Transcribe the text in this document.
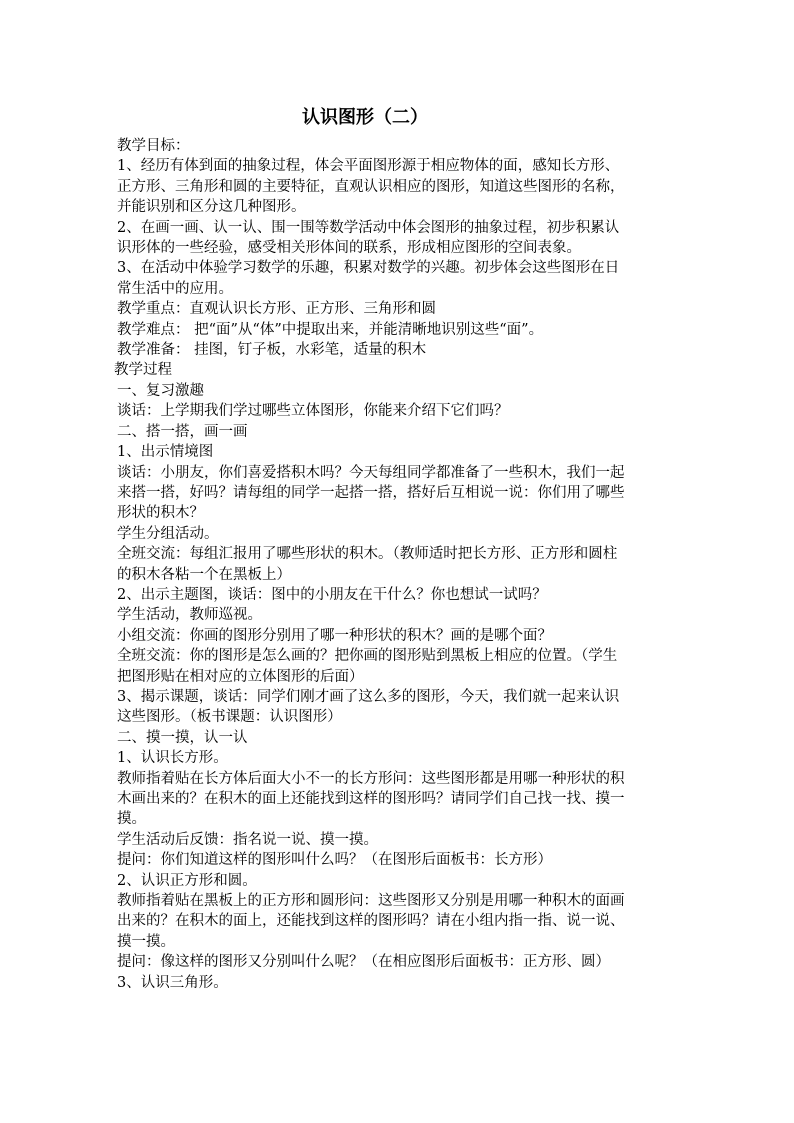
认识图形（二）
教学目标：
1、经历有体到面的抽象过程，体会平面图形源于相应物体的面，感知长方形、
正方形、三角形和圆的主要特征，直观认识相应的图形，知道这些图形的名称，
并能识别和区分这几种图形。
2、在画一画、认一认、围一围等数学活动中体会图形的抽象过程，初步积累认
识形体的一些经验，感受相关形体间的联系，形成相应图形的空间表象。
3、在活动中体验学习数学的乐趣，积累对数学的兴趣。初步体会这些图形在日
常生活中的应用。
教学重点：直观认识长方形、正方形、三角形和圆
教学难点： 把“面”从“体”中提取出来，并能清晰地识别这些“面”。
教学准备： 挂图，钉子板，水彩笔，适量的积木
教学过程
一、复习激趣
谈话：上学期我们学过哪些立体图形，你能来介绍下它们吗？
二、搭一搭，画一画
1、出示情境图
谈话：小朋友，你们喜爱搭积木吗？今天每组同学都准备了一些积木，我们一起
来搭一搭，好吗？请每组的同学一起搭一搭，搭好后互相说一说：你们用了哪些
形状的积木？
学生分组活动。
全班交流：每组汇报用了哪些形状的积木。（教师适时把长方形、正方形和圆柱
的积木各粘一个在黑板上）
2、出示主题图，谈话：图中的小朋友在干什么？你也想试一试吗？
学生活动，教师巡视。
小组交流：你画的图形分别用了哪一种形状的积木？画的是哪个面？
全班交流：你的图形是怎么画的？把你画的图形贴到黑板上相应的位置。（学生
把图形贴在相对应的立体图形的后面）
3、揭示课题，谈话：同学们刚才画了这么多的图形，今天，我们就一起来认识
这些图形。（板书课题：认识图形）
二、摸一摸，认一认
1、认识长方形。
教师指着贴在长方体后面大小不一的长方形问：这些图形都是用哪一种形状的积
木画出来的？在积木的面上还能找到这样的图形吗？请同学们自己找一找、摸一
摸。
学生活动后反馈：指名说一说、摸一摸。
提问：你们知道这样的图形叫什么吗？（在图形后面板书：长方形）
2、认识正方形和圆。
教师指着贴在黑板上的正方形和圆形问：这些图形又分别是用哪一种积木的面画
出来的？在积木的面上，还能找到这样的图形吗？请在小组内指一指、说一说、
摸一摸。
提问：像这样的图形又分别叫什么呢？（在相应图形后面板书：正方形、圆）
3、认识三角形。
